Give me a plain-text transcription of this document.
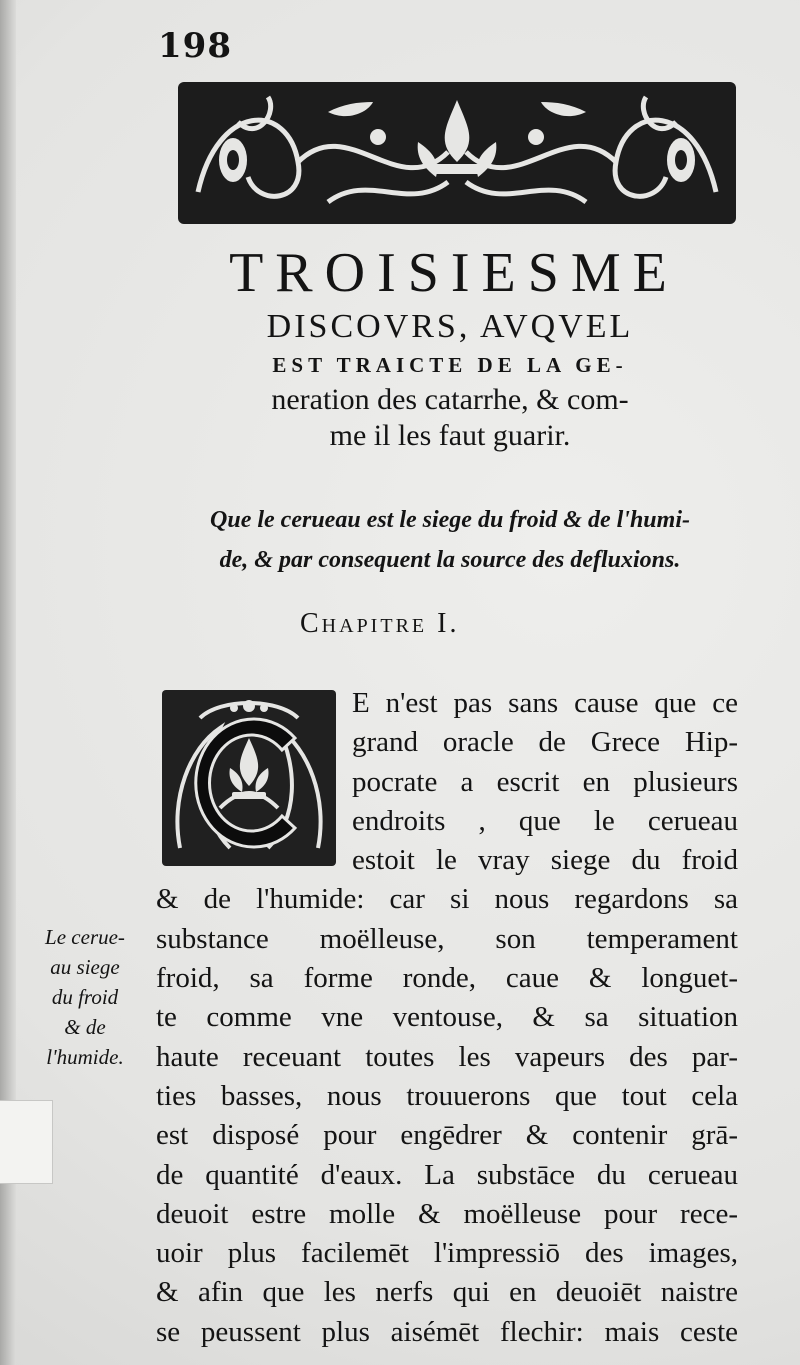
198
TROISIESME
DISCOVRS, AVQVEL
EST TRAICTE DE LA GE-
neration des catarrhe, & com-
me il les faut guarir.
Que le cerueau est le siege du froid & de l'humi-
de, & par consequent la source des defluxions.
Chapitre I.
E n'est pas sans cause que ce
grand oracle de Grece Hip-
pocrate a escrit en plusieurs
endroits , que le cerueau
estoit le vray siege du froid
& de l'humide: car si nous regardons sa
substance moëlleuse, son temperament
froid, sa forme ronde, caue & longuet-
te comme vne ventouse, & sa situation
haute receuant toutes les vapeurs des par-
ties basses, nous trouuerons que tout cela
est disposé pour engēdrer & contenir grā-
de quantité d'eaux. La substāce du cerueau
deuoit estre molle & moëlleuse pour rece-
uoir plus facilemēt l'impressiō des images,
& afin que les nerfs qui en deuoiēt naistre
se peussent plus aisémēt flechir: mais ceste
Le cerue-
au siege
du froid
& de
l'humide.
